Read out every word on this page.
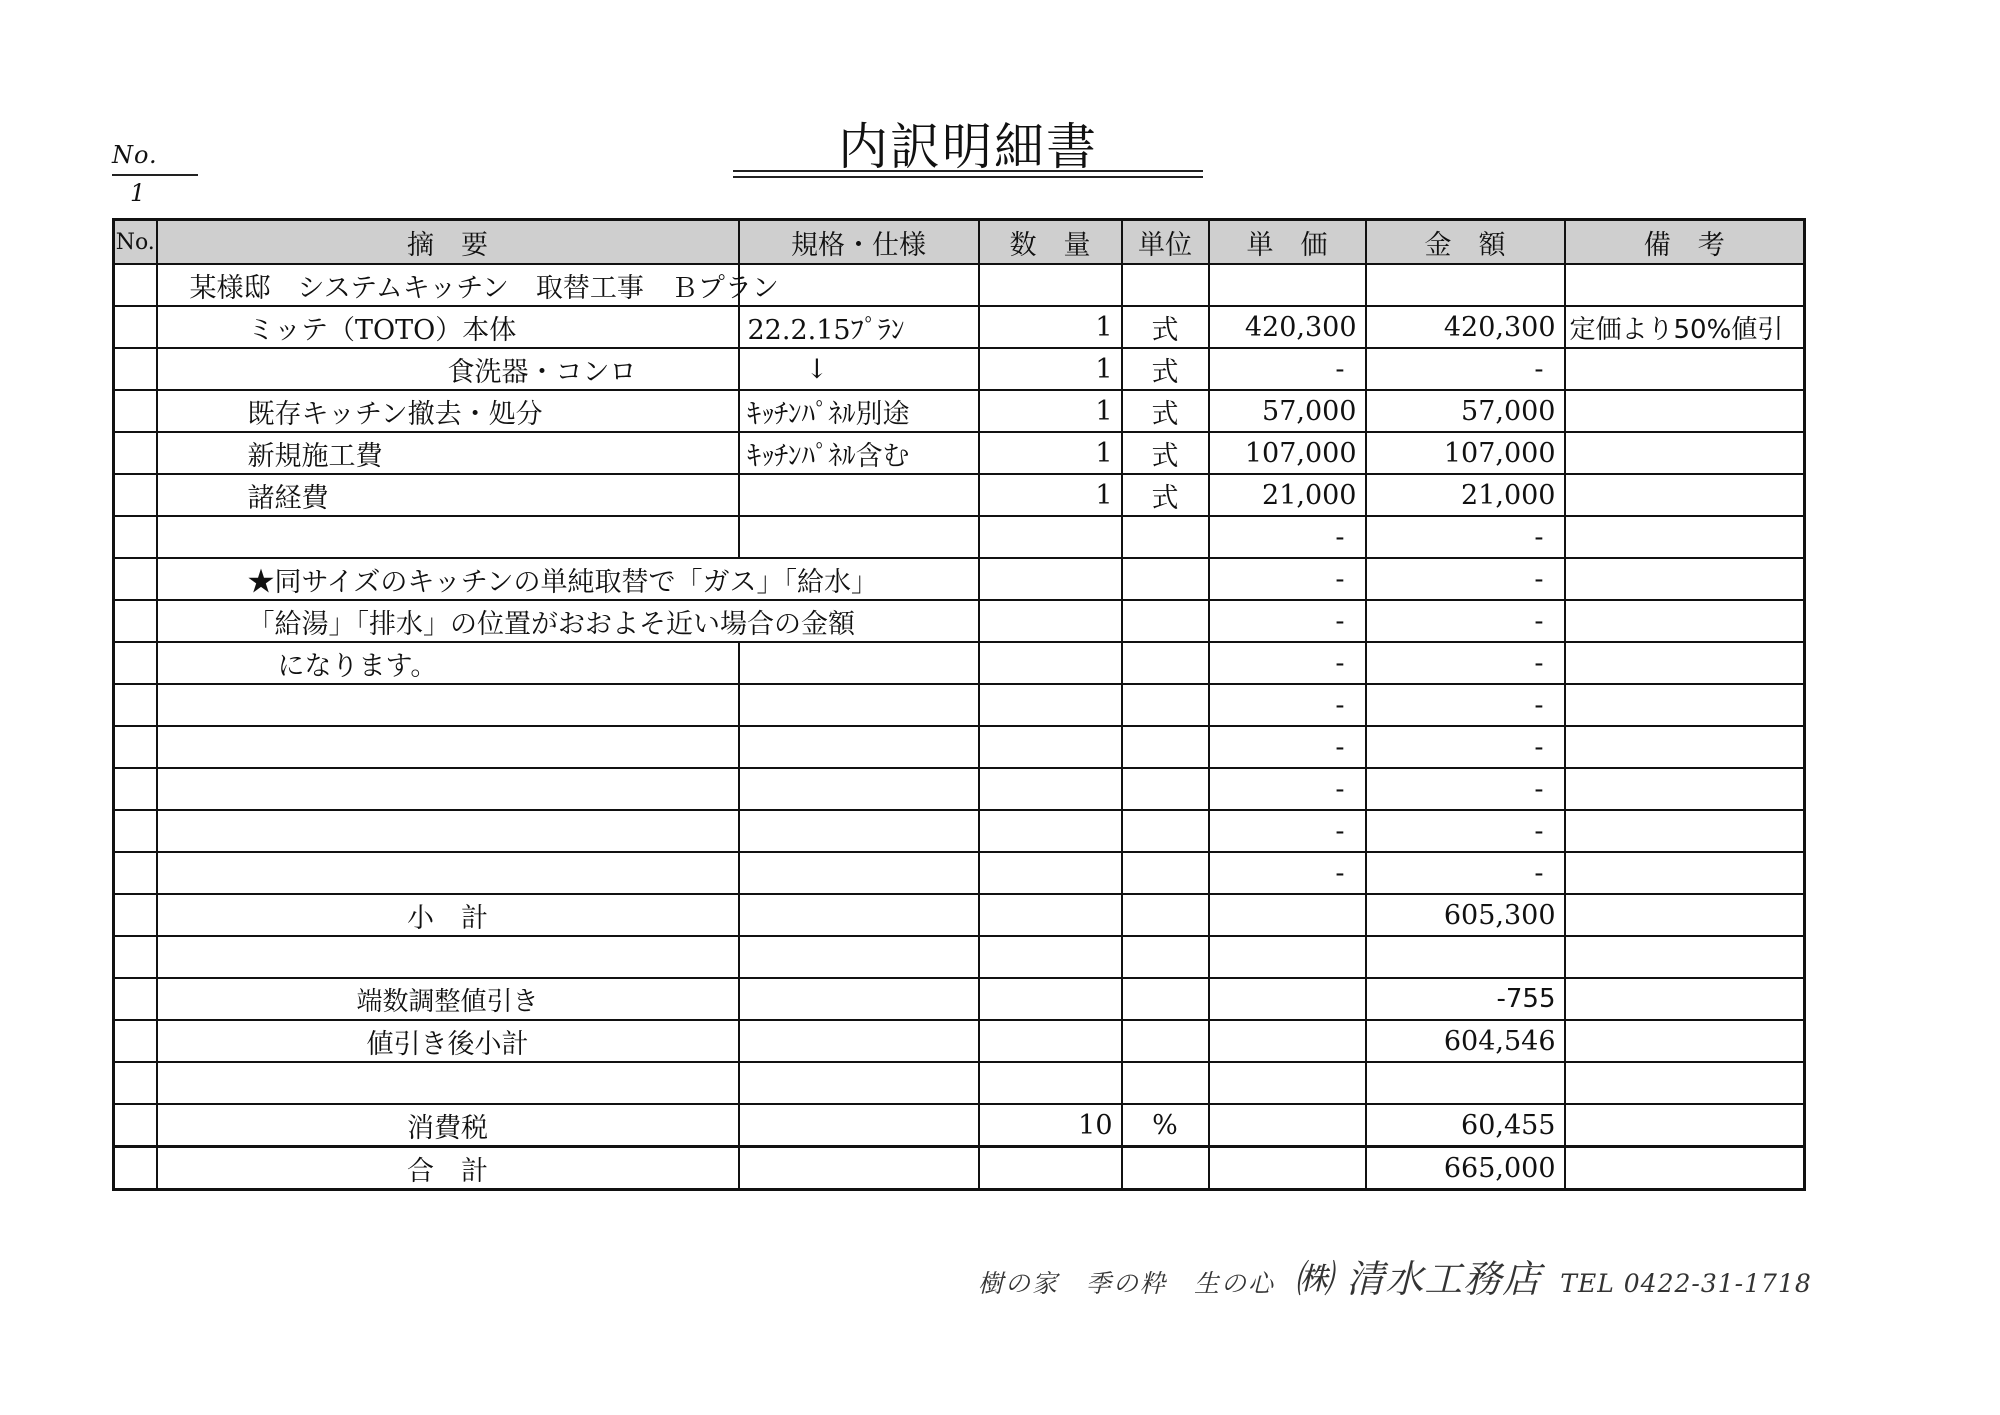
No. 1
内訳明細書
No.	摘　要	規格・仕様	数　量	単位	単　価	金　額	備　考
	某様邸　システムキッチン　取替工事　Ｂプラン						
	ミッテ（TOTO）本体	22.2.15ﾌﾟﾗﾝ	1	式	420,300	420,300	定価より50%値引
	食洗器・コンロ	↓	1	式	-	-	
	既存キッチン撤去・処分	ｷｯﾁﾝﾊﾟﾈﾙ別途	1	式	57,000	57,000	
	新規施工費	ｷｯﾁﾝﾊﾟﾈﾙ含む	1	式	107,000	107,000	
	諸経費		1	式	21,000	21,000	
					-	-	
	★同サイズのキッチンの単純取替で「ガス」「給水」				-	-	
	「給湯」「排水」の位置がおおよそ近い場合の金額				-	-	
	になります。				-	-	
					-	-	
					-	-	
					-	-	
					-	-	
					-	-	
	小　計					605,300	

	端数調整値引き					-755	
	値引き後小計					604,546	

	消費税		10	%		60,455	
	合　計					665,000	
樹の家　季の粋　生の心 ㈱ 清水工務店 TEL 0422-31-1718
